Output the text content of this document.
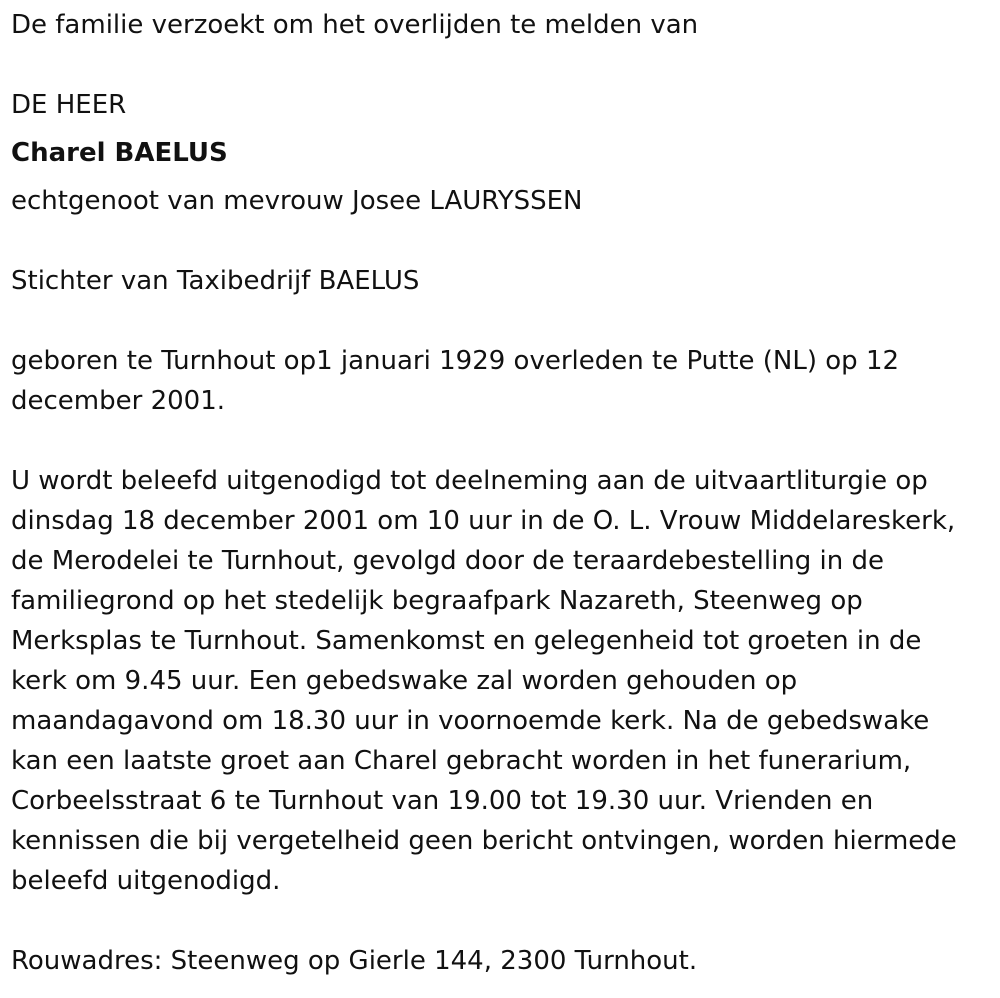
De familie verzoekt om het overlijden te melden van

DE HEER

Charel BAELUS

echtgenoot van mevrouw Josee LAURYSSEN

Stichter van Taxibedrijf BAELUS

geboren te Turnhout op1 januari 1929 overleden te Putte (NL) op 12
december 2001.
U wordt beleefd uitgenodigd tot deelneming aan de uitvaartliturgie op
dinsdag 18 december 2001 om 10 uur in de O. L. Vrouw Middelareskerk,
de Merodelei te Turnhout, gevolgd door de teraardebestelling in de
familiegrond op het stedelijk begraafpark Nazareth, Steenweg op
Merksplas te Turnhout. Samenkomst en gelegenheid tot groeten in de
kerk om 9.45 uur. Een gebedswake zal worden gehouden op
maandagavond om 18.30 uur in voornoemde kerk. Na de gebedswake
kan een laatste groet aan Charel gebracht worden in het funerarium,
Corbeelsstraat 6 te Turnhout van 19.00 tot 19.30 uur. Vrienden en
kennissen die bij vergetelheid geen bericht ontvingen, worden hiermede
beleefd uitgenodigd.

Rouwadres: Steenweg op Gierle 144, 2300 Turnhout.
